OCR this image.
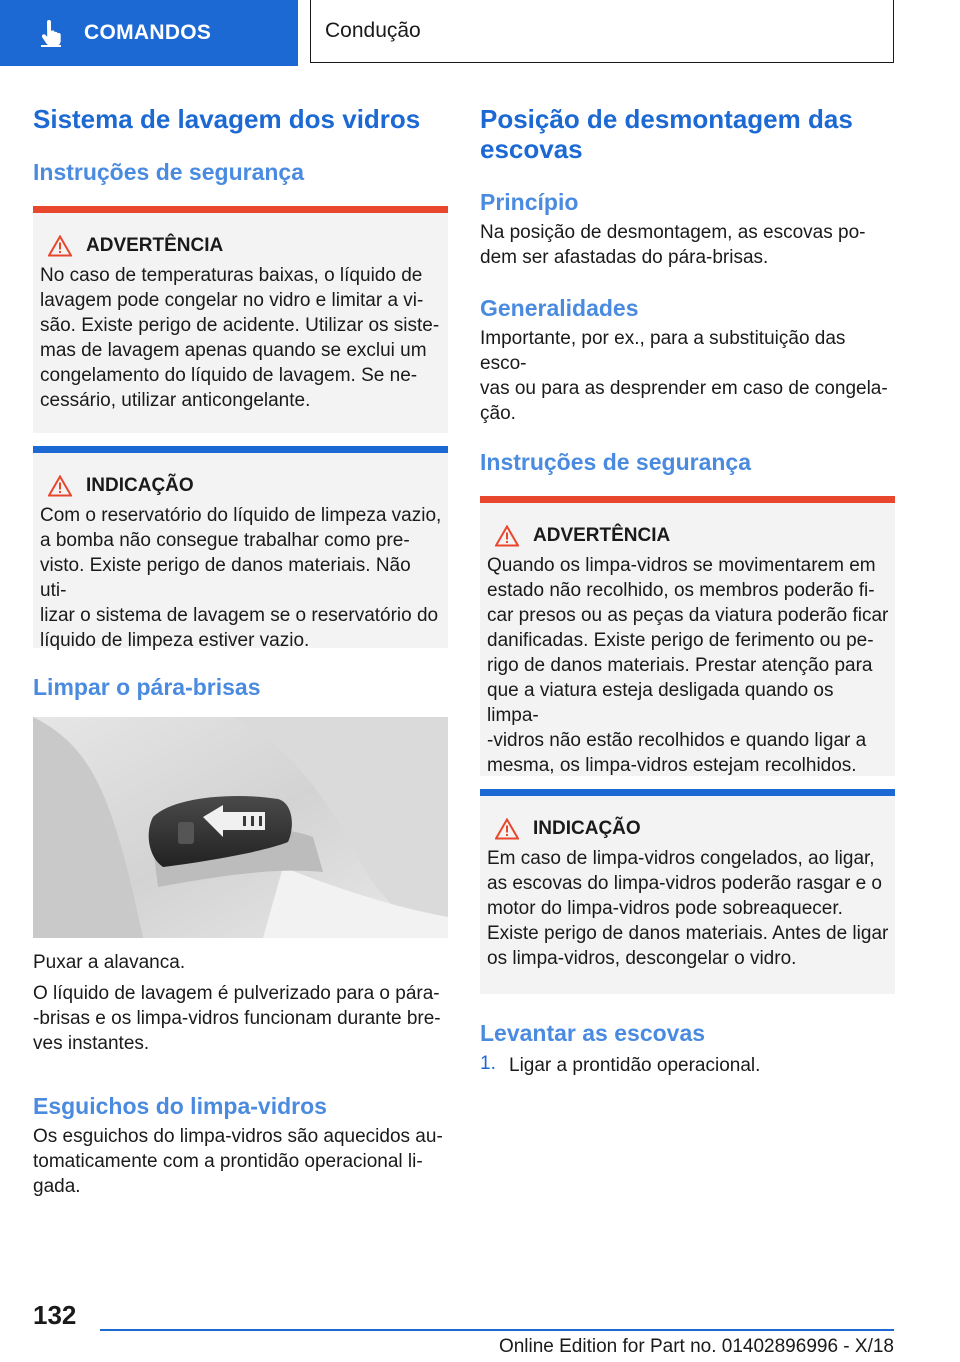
COMANDOS	Condução
Sistema de lavagem dos vidros
Instruções de segurança
ADVERTÊNCIA

No caso de temperaturas baixas, o líquido de

lavagem pode congelar no vidro e limitar a vi-

são. Existe perigo de acidente. Utilizar os siste-

mas de lavagem apenas quando se exclui um

congelamento do líquido de lavagem. Se ne-

cessário, utilizar anticongelante.

INDICAÇÃO

Com o reservatório do líquido de limpeza vazio,

a bomba não consegue trabalhar como pre-

visto. Existe perigo de danos materiais. Não uti-

lizar o sistema de lavagem se o reservatório do

líquido de limpeza estiver vazio.

Limpar o pára-brisas

Puxar a alavanca.

O líquido de lavagem é pulverizado para o pára-

-brisas e os limpa-vidros funcionam durante bre-

ves instantes.

Esguichos do limpa-vidros

Os esguichos do limpa-vidros são aquecidos au-

tomaticamente com a prontidão operacional li-

gada.

Posição de desmontagem das
escovas
Princípio

Na posição de desmontagem, as escovas po-

dem ser afastadas do pára-brisas.

Generalidades

Importante, por ex., para a substituição das esco-

vas ou para as desprender em caso de congela-

ção.

Instruções de segurança
ADVERTÊNCIA

Quando os limpa-vidros se movimentarem em

estado não recolhido, os membros poderão fi-

car presos ou as peças da viatura poderão ficar

danificadas. Existe perigo de ferimento ou pe-

rigo de danos materiais. Prestar atenção para

que a viatura esteja desligada quando os limpa-

-vidros não estão recolhidos e quando ligar a

mesma, os limpa-vidros estejam recolhidos.

INDICAÇÃO

Em caso de limpa-vidros congelados, ao ligar,

as escovas do limpa-vidros poderão rasgar e o

motor do limpa-vidros pode sobreaquecer.

Existe perigo de danos materiais. Antes de ligar

os limpa-vidros, descongelar o vidro.

Levantar as escovas
1. Ligar a prontidão operacional.
132
Online Edition for Part no. 01402896996 - X/18
